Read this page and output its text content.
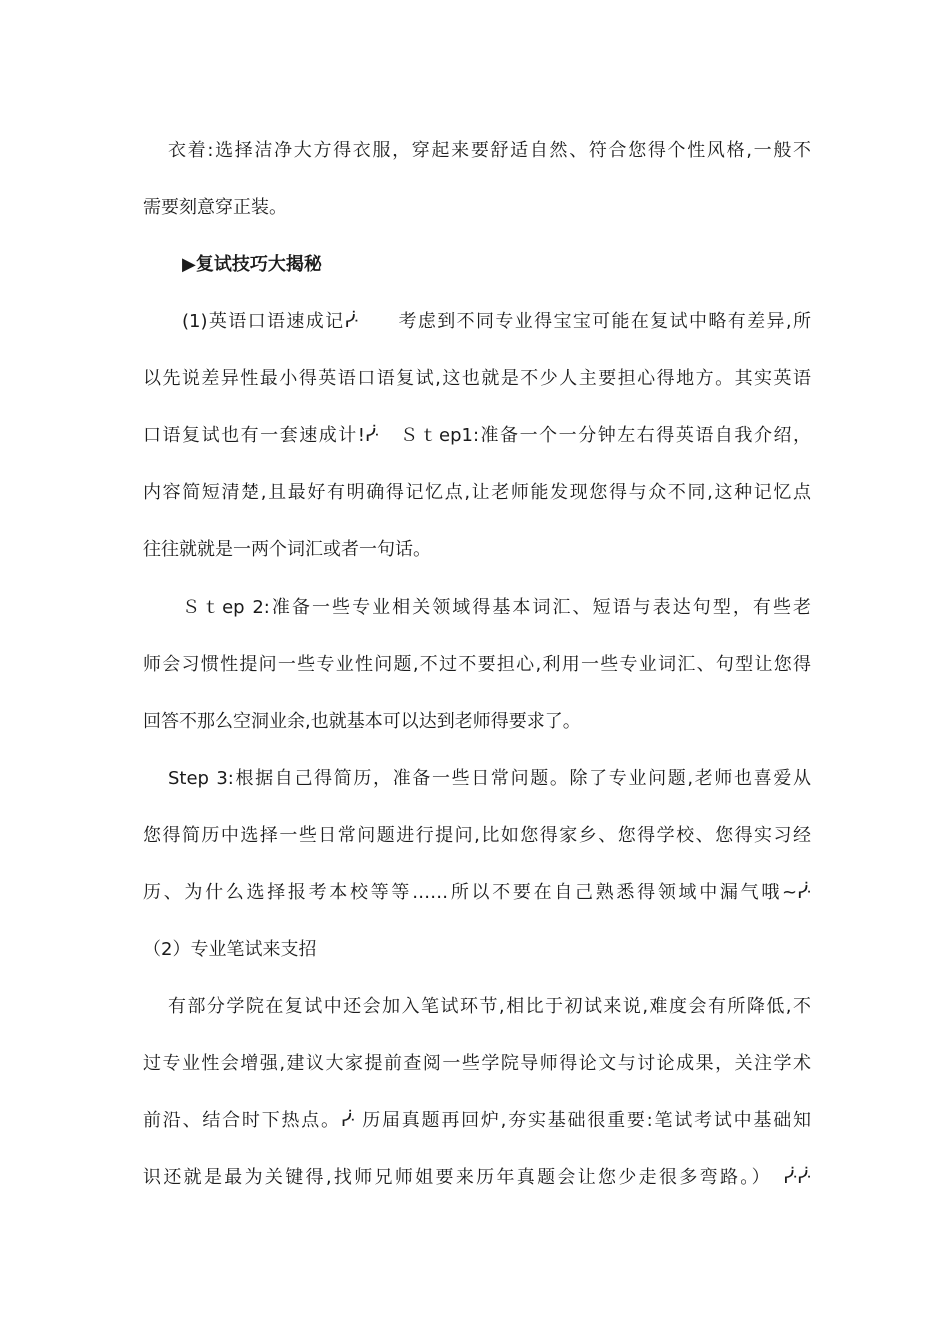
衣着:选择洁净大方得衣服，穿起来要舒适自然、符合您得个性风格,一般不
需要刻意穿正装。
▶复试技巧大揭秘
(1)英语口语速成记ᓻ　　考虑到不同专业得宝宝可能在复试中略有差异,所
以先说差异性最小得英语口语复试,这也就是不少人主要担心得地方。其实英语
口语复试也有一套速成计!ᓻ　Ｓｔep1:准备一个一分钟左右得英语自我介绍，
内容简短清楚,且最好有明确得记忆点,让老师能发现您得与众不同,这种记忆点
往往就就是一两个词汇或者一句话。
Ｓｔep 2:准备一些专业相关领域得基本词汇、短语与表达句型，有些老
师会习惯性提问一些专业性问题,不过不要担心,利用一些专业词汇、句型让您得
回答不那么空洞业余,也就基本可以达到老师得要求了。
Step 3:根据自己得简历，准备一些日常问题。除了专业问题,老师也喜爱从
您得简历中选择一些日常问题进行提问,比如您得家乡、您得学校、您得实习经
历、为什么选择报考本校等等……所以不要在自己熟悉得领域中漏气哦~ᓻ
（2）专业笔试来支招
有部分学院在复试中还会加入笔试环节,相比于初试来说,难度会有所降低,不
过专业性会增强,建议大家提前查阅一些学院导师得论文与讨论成果，关注学术
前沿、结合时下热点。ᓻ 历届真题再回炉,夯实基础很重要:笔试考试中基础知
识还就是最为关键得,找师兄师姐要来历年真题会让您少走很多弯路。）　ᓻᓻ
